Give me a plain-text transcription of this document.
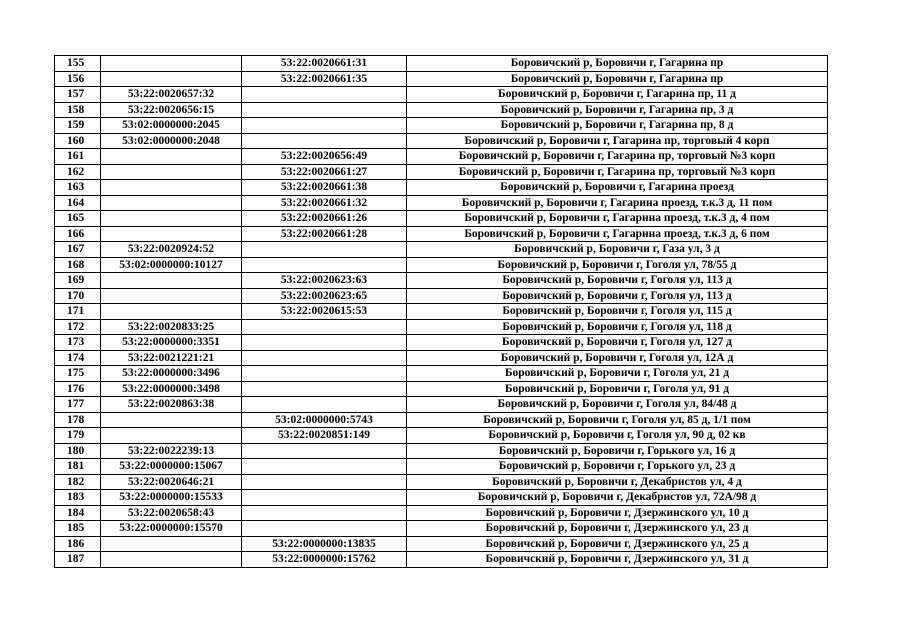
155		53:22:0020661:31	Боровичский р, Боровичи г, Гагарина пр
156		53:22:0020661:35	Боровичский р, Боровичи г, Гагарина пр
157	53:22:0020657:32		Боровичский р, Боровичи г, Гагарина пр, 11 д
158	53:22:0020656:15		Боровичский р, Боровичи г, Гагарина пр, 3 д
159	53:02:0000000:2045		Боровичский р, Боровичи г, Гагарина пр, 8 д
160	53:02:0000000:2048		Боровичский р, Боровичи г, Гагарина пр, торговый 4 корп
161		53:22:0020656:49	Боровичский р, Боровичи г, Гагарина пр, торговый №3 корп
162		53:22:0020661:27	Боровичский р, Боровичи г, Гагарина пр, торговый №3 корп
163		53:22:0020661:38	Боровичский р, Боровичи г, Гагарина проезд
164		53:22:0020661:32	Боровичский р, Боровичи г, Гагарина проезд, т.к.3 д, 11 пом
165		53:22:0020661:26	Боровичский р, Боровичи г, Гагарина проезд, т.к.3 д, 4 пом
166		53:22:0020661:28	Боровичский р, Боровичи г, Гагарина проезд, т.к.3 д, 6 пом
167	53:22:0020924:52		Боровичский р, Боровичи г, Газа ул, 3 д
168	53:02:0000000:10127		Боровичский р, Боровичи г, Гоголя ул, 78/55 д
169		53:22:0020623:63	Боровичский р, Боровичи г, Гоголя ул, 113 д
170		53:22:0020623:65	Боровичский р, Боровичи г, Гоголя ул, 113 д
171		53:22:0020615:53	Боровичский р, Боровичи г, Гоголя ул, 115 д
172	53:22:0020833:25		Боровичский р, Боровичи г, Гоголя ул, 118 д
173	53:22:0000000:3351		Боровичский р, Боровичи г, Гоголя ул, 127 д
174	53:22:0021221:21		Боровичский р, Боровичи г, Гоголя ул, 12А д
175	53:22:0000000:3496		Боровичский р, Боровичи г, Гоголя ул, 21 д
176	53:22:0000000:3498		Боровичский р, Боровичи г, Гоголя ул, 91 д
177	53:22:0020863:38		Боровичский р, Боровичи г, Гоголя ул, 84/48 д
178		53:02:0000000:5743	Боровичский р, Боровичи г, Гоголя ул, 85 д, 1/1 пом
179		53:22:0020851:149	Боровичский р, Боровичи г, Гоголя ул, 90 д, 02 кв
180	53:22:0022239:13		Боровичский р, Боровичи г, Горького ул, 16 д
181	53:22:0000000:15067		Боровичский р, Боровичи г, Горького ул, 23 д
182	53:22:0020646:21		Боровичский р, Боровичи г, Декабристов ул, 4 д
183	53:22:0000000:15533		Боровичский р, Боровичи г, Декабристов ул, 72А/98 д
184	53:22:0020658:43		Боровичский р, Боровичи г, Дзержинского ул, 10 д
185	53:22:0000000:15570		Боровичский р, Боровичи г, Дзержинского ул, 23 д
186		53:22:0000000:13835	Боровичский р, Боровичи г, Дзержинского ул, 25 д
187		53:22:0000000:15762	Боровичский р, Боровичи г, Дзержинского ул, 31 д
